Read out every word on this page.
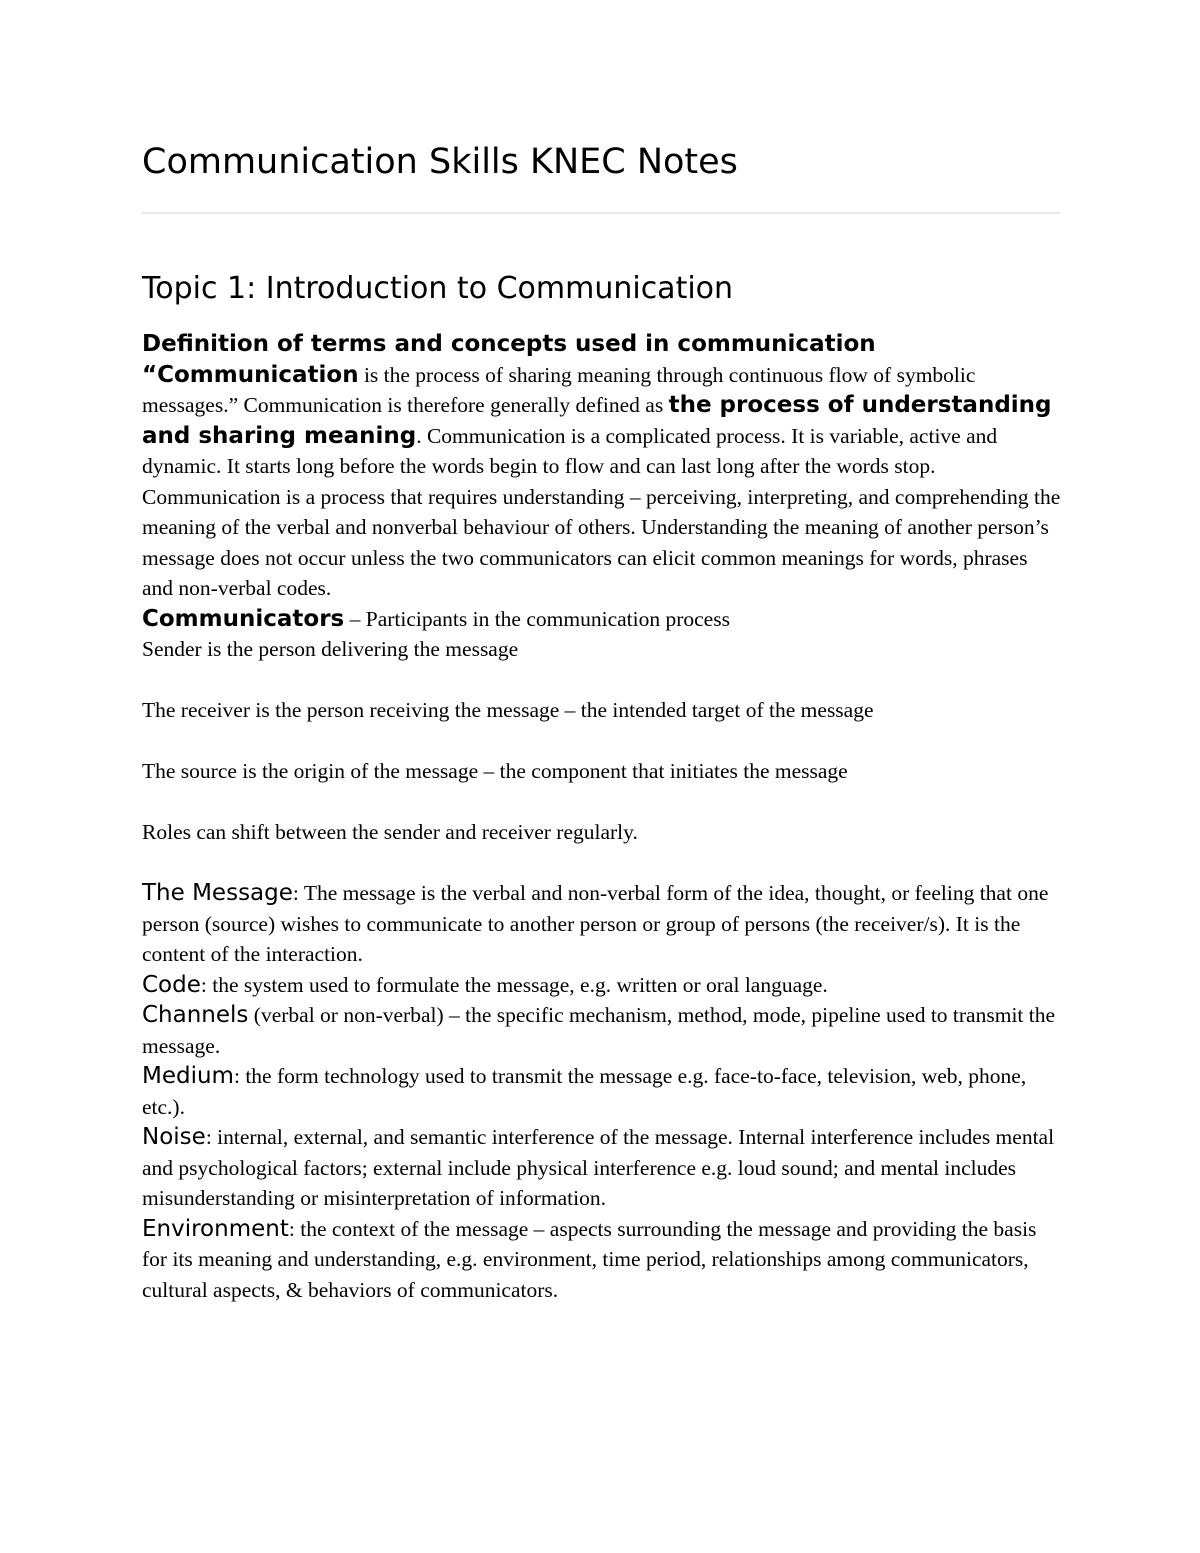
Communication Skills KNEC Notes
Topic 1: Introduction to Communication

Definition of terms and concepts used in communication

“Communication is the process of sharing meaning through continuous flow of symbolic messages.” Communication is therefore generally defined as the process of understanding and sharing meaning. Communication is a complicated process. It is variable, active and dynamic. It starts long before the words begin to flow and can last long after the words stop. Communication is a process that requires understanding – perceiving, interpreting, and comprehending the meaning of the verbal and nonverbal behaviour of others. Understanding the meaning of another person’s message does not occur unless the two communicators can elicit common meanings for words, phrases and non-verbal codes.

Communicators – Participants in the communication process

Sender is the person delivering the message

The receiver is the person receiving the message – the intended target of the message

The source is the origin of the message – the component that initiates the message

Roles can shift between the sender and receiver regularly.

The Message: The message is the verbal and non-verbal form of the idea, thought, or feeling that one person (source) wishes to communicate to another person or group of persons (the receiver/s). It is the content of the interaction.

Code: the system used to formulate the message, e.g. written or oral language.

Channels (verbal or non-verbal) – the specific mechanism, method, mode, pipeline used to transmit the message.

Medium: the form technology used to transmit the message e.g. face-to-face, television, web, phone, etc.).

Noise: internal, external, and semantic interference of the message. Internal interference includes mental and psychological factors; external include physical interference e.g. loud sound; and mental includes misunderstanding or misinterpretation of information.

Environment: the context of the message – aspects surrounding the message and providing the basis for its meaning and understanding, e.g. environment, time period, relationships among communicators, cultural aspects, & behaviors of communicators.
